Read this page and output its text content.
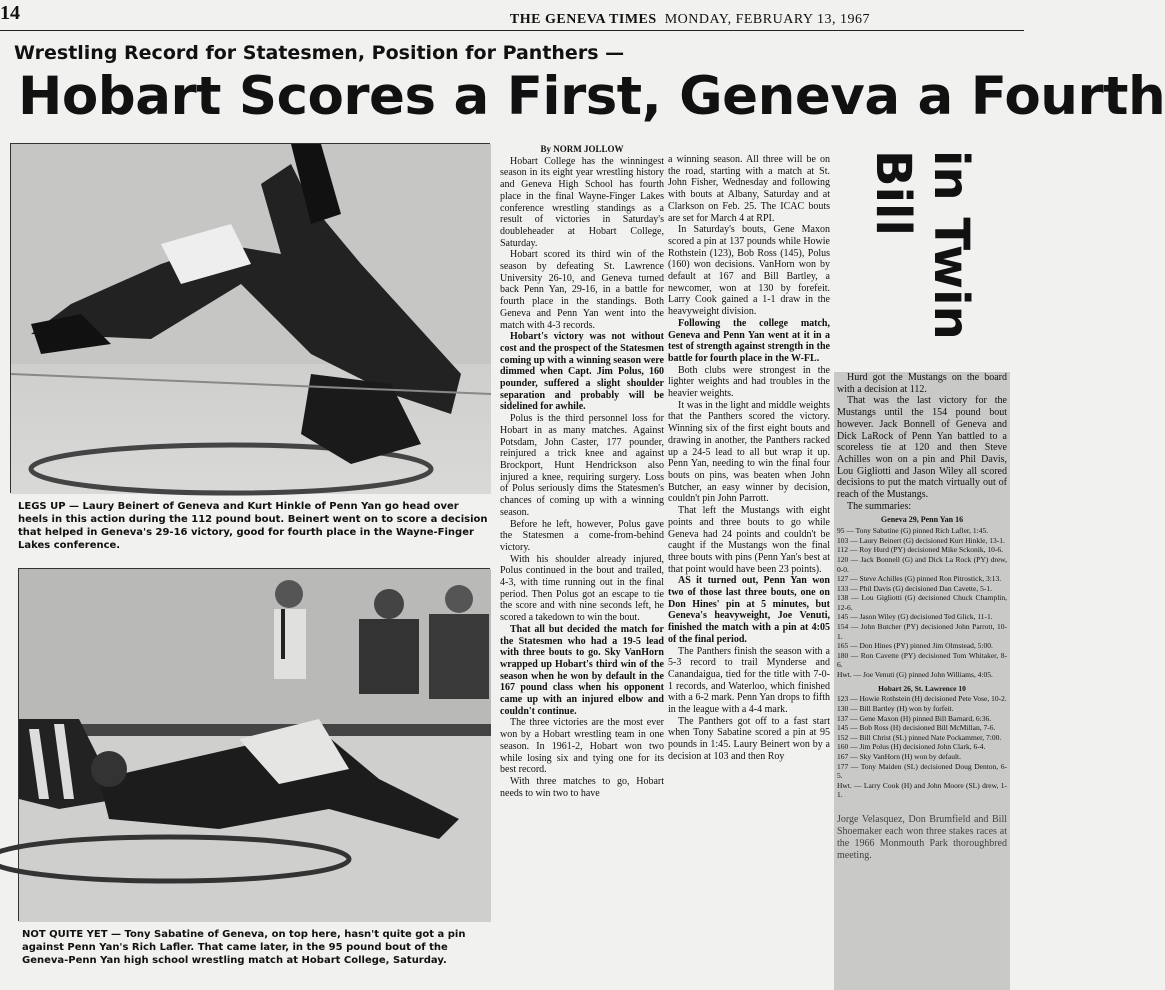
14	THE GENEVA TIMES MONDAY, FEBRUARY 13, 1967
Wrestling Record for Statesmen, Position for Panthers —
Hobart Scores a First, Geneva a Fourth
in Twin Bill
LEGS UP — Laury Beinert of Geneva and Kurt Hinkle of Penn Yan go head over heels in this action during the 112 pound bout. Beinert went on to score a decision that helped in Geneva's 29-16 victory, good for fourth place in the Wayne-Finger Lakes conference.
NOT QUITE YET — Tony Sabatine of Geneva, on top here, hasn't quite got a pin against Penn Yan's Rich Lafler. That came later, in the 95 pound bout of the Geneva-Penn Yan high school wrestling match at Hobart College, Saturday.

By NORM JOLLOW

Hobart College has the winningest season in its eight year wrestling history and Geneva High School has fourth place in the final Wayne-Finger Lakes conference wrestling standings as a result of victories in Saturday's doubleheader at Hobart College, Saturday.

Hobart scored its third win of the season by defeating St. Lawrence University 26-10, and Geneva turned back Penn Yan, 29-16, in a battle for fourth place in the standings. Both Geneva and Penn Yan went into the match with 4-3 records.

Hobart's victory was not without cost and the prospect of the Statesmen coming up with a winning season were dimmed when Capt. Jim Polus, 160 pounder, suffered a slight shoulder separation and probably will be sidelined for awhile.

Polus is the third personnel loss for Hobart in as many matches. Against Potsdam, John Caster, 177 pounder, reinjured a trick knee and against Brockport, Hunt Hendrickson also injured a knee, requiring surgery. Loss of Polus seriously dims the Statesmen's chances of coming up with a winning season.

Before he left, however, Polus gave the Statesmen a come-from-behind victory.

With his shoulder already injured, Polus continued in the bout and trailed, 4-3, with time running out in the final period. Then Polus got an escape to tie the score and with nine seconds left, he scored a takedown to win the bout.

That all but decided the match for the Statesmen who had a 19-5 lead with three bouts to go. Sky VanHorn wrapped up Hobart's third win of the season when he won by default in the 167 pound class when his opponent came up with an injured elbow and couldn't continue.

The three victories are the most ever won by a Hobart wrestling team in one season. In 1961-2, Hobart won two while losing six and tying one for its best record.

With three matches to go, Hobart needs to win two to have

a winning season. All three will be on the road, starting with a match at St. John Fisher, Wednesday and following with bouts at Albany, Saturday and at Clarkson on Feb. 25. The ICAC bouts are set for March 4 at RPI.

In Saturday's bouts, Gene Maxon scored a pin at 137 pounds while Howie Rothstein (123), Bob Ross (145), Polus (160) won decisions. VanHorn won by default at 167 and Bill Bartley, a newcomer, won at 130 by forefeit. Larry Cook gained a 1-1 draw in the heavyweight division.

Following the college match, Geneva and Penn Yan went at it in a test of strength against strength in the battle for fourth place in the W-FL.

Both clubs were strongest in the lighter weights and had troubles in the heavier weights.

It was in the light and middle weights that the Panthers scored the victory. Winning six of the first eight bouts and drawing in another, the Panthers racked up a 24-5 lead to all but wrap it up. Penn Yan, needing to win the final four bouts on pins, was beaten when John Butcher, an easy winner by decision, couldn't pin John Parrott.

That left the Mustangs with eight points and three bouts to go while Geneva had 24 points and couldn't be caught if the Mustangs won the final three bouts with pins (Penn Yan's best at that point would have been 23 points).

AS it turned out, Penn Yan won two of those last three bouts, one on Don Hines' pin at 5 minutes, but Geneva's heavyweight, Joe Venuti, finished the match with a pin at 4:05 of the final period.

The Panthers finish the season with a 5-3 record to trail Mynderse and Canandaigua, tied for the title with 7-0-1 records, and Waterloo, which finished with a 6-2 mark. Penn Yan drops to fifth in the league with a 4-4 mark.

The Panthers got off to a fast start when Tony Sabatine scored a pin at 95 pounds in 1:45. Laury Beinert won by a decision at 103 and then Roy

Hurd got the Mustangs on the board with a decision at 112.

That was the last victory for the Mustangs until the 154 pound bout however. Jack Bonnell of Geneva and Dick LaRock of Penn Yan battled to a scoreless tie at 120 and then Steve Achilles won on a pin and Phil Davis, Lou Gigliotti and Jason Wiley all scored decisions to put the match virtually out of reach of the Mustangs.

The summaries:

Geneva 29, Penn Yan 16

95 — Tony Sabatine (G) pinned Rich Lafler, 1:45.

103 — Laury Beinert (G) decisioned Kurt Hinkle, 13-1.

112 — Roy Hurd (PY) decisioned Mike Sckonik, 10-6.

120 — Jack Bonnell (G) and Dick La Rock (PY) drew, 0-0.

127 — Steve Achilles (G) pinned Ron Pitrostick, 3:13.

133 — Phil Davis (G) decisioned Dan Cavette, 5-1.

138 — Lou Gigliotti (G) decisioned Chuck Champlin, 12-6.

145 — Jason Wiley (G) decisioned Ted Glick, 11-1.

154 — John Butcher (PY) decisioned John Parrott, 10-1.

165 — Don Hines (PY) pinned Jim Olmstead, 5:00.

180 — Ron Cavette (PY) decisioned Tom Whitaker, 8-6.

Hwt. — Joe Venuti (G) pinned John Williams, 4:05.

Hobart 26, St. Lawrence 10

123 — Howie Rothstein (H) decisioned Pete Vose, 10-2.

130 — Bill Bartley (H) won by forfeit.

137 — Gene Maxon (H) pinned Bill Barnard, 6:36.

145 — Bob Ross (H) decisioned Bill McMillan, 7-6.

152 — Bill Christ (SL) pinned Nate Pockammer, 7:00.

160 — Jim Polus (H) decisioned John Clark, 6-4.

167 — Sky VanHorn (H) won by default.

177 — Tony Maiden (SL) decisioned Doug Denton, 6-5.

Hwt. — Larry Cook (H) and John Moore (SL) drew, 1-1.

Jorge Velasquez, Don Brumfield and Bill Shoemaker each won three stakes races at the 1966 Monmouth Park thoroughbred meeting.
